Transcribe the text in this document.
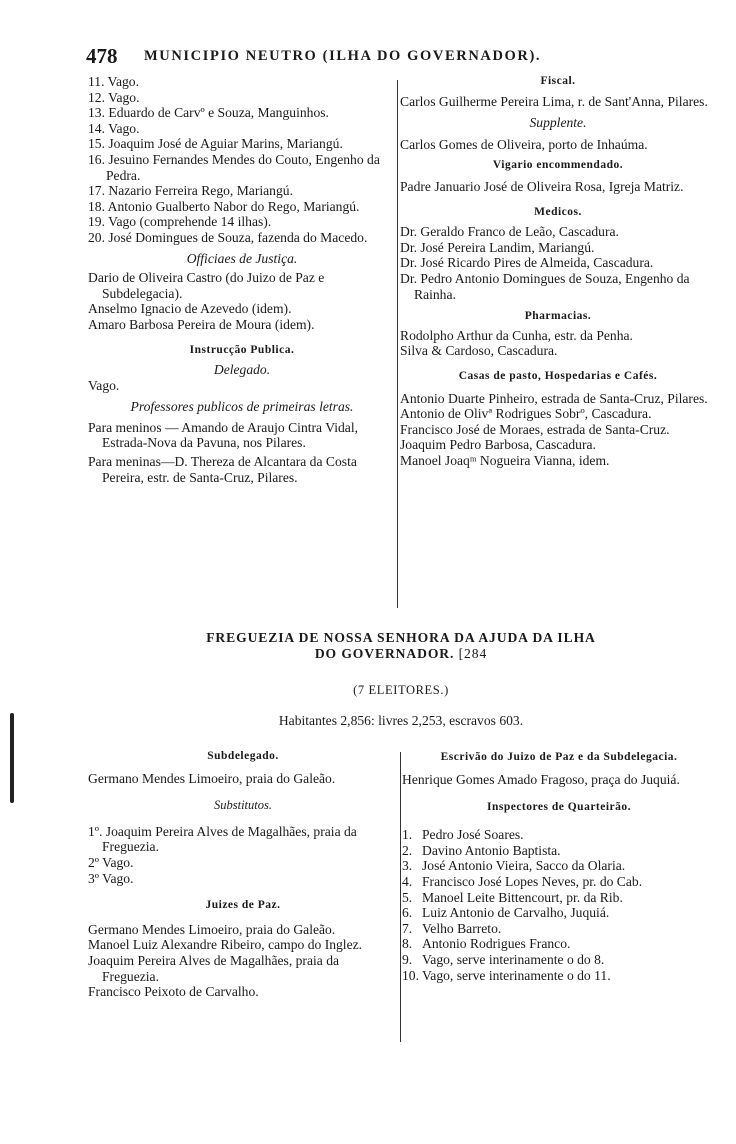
478 MUNICIPIO NEUTRO (ILHA DO GOVERNADOR).

11. Vago.

12. Vago.

13. Eduardo de Carvº e Souza, Manguinhos.

14. Vago.

15. Joaquim José de Aguiar Marins, Mariangú.

16. Jesuino Fernandes Mendes do Couto, Engenho da Pedra.

17. Nazario Ferreira Rego, Mariangú.

18. Antonio Gualberto Nabor do Rego, Mariangú.

19. Vago (comprehende 14 ilhas).

20. José Domingues de Souza, fazenda do Macedo.

Officiaes de Justiça.

Dario de Oliveira Castro (do Juizo de Paz e Subdelegacia).

Anselmo Ignacio de Azevedo (idem).

Amaro Barbosa Pereira de Moura (idem).

Instrucção Publica.

Delegado.

Vago.

Professores publicos de primeiras letras.

Para meninos — Amando de Araujo Cintra Vidal, Estrada-Nova da Pavuna, nos Pilares.

Para meninas—D. Thereza de Alcantara da Costa Pereira, estr. de Santa-Cruz, Pilares.

Fiscal.

Carlos Guilherme Pereira Lima, r. de Sant'Anna, Pilares.

Supplente.

Carlos Gomes de Oliveira, porto de Inhaúma.

Vigario encommendado.

Padre Januario José de Oliveira Rosa, Igreja Matriz.

Medicos.

Dr. Geraldo Franco de Leão, Cascadura.

Dr. José Pereira Landim, Mariangú.

Dr. José Ricardo Pires de Almeida, Cascadura.

Dr. Pedro Antonio Domingues de Souza, Engenho da Rainha.

Pharmacias.

Rodolpho Arthur da Cunha, estr. da Penha.

Silva & Cardoso, Cascadura.

Casas de pasto, Hospedarias e Cafés.

Antonio Duarte Pinheiro, estrada de Santa-Cruz, Pilares.

Antonio de Olivª Rodrigues Sobrº, Cascadura.

Francisco José de Moraes, estrada de Santa-Cruz.

Joaquim Pedro Barbosa, Cascadura.

Manoel Joaqᵐ Nogueira Vianna, idem.

FREGUEZIA DE NOSSA SENHORA DA AJUDA DA ILHA
DO GOVERNADOR. [284
(7 ELEITORES.)
Habitantes 2,856: livres 2,253, escravos 603.

Subdelegado.

Germano Mendes Limoeiro, praia do Galeão.

Substitutos.

1º. Joaquim Pereira Alves de Magalhães, praia da Freguezia.

2º Vago.

3º Vago.

Juizes de Paz.

Germano Mendes Limoeiro, praia do Galeão.

Manoel Luiz Alexandre Ribeiro, campo do Inglez.

Joaquim Pereira Alves de Magalhães, praia da Freguezia.

Francisco Peixoto de Carvalho.

Escrivão do Juizo de Paz e da Subdelegacia.

Henrique Gomes Amado Fragoso, praça do Juquiá.

Inspectores de Quarteirão.

1. Pedro José Soares.

2. Davino Antonio Baptista.

3. José Antonio Vieira, Sacco da Olaria.

4. Francisco José Lopes Neves, pr. do Cab.

5. Manoel Leite Bittencourt, pr. da Rib.

6. Luiz Antonio de Carvalho, Juquiá.

7. Velho Barreto.

8. Antonio Rodrigues Franco.

9. Vago, serve interinamente o do 8.

10. Vago, serve interinamente o do 11.
